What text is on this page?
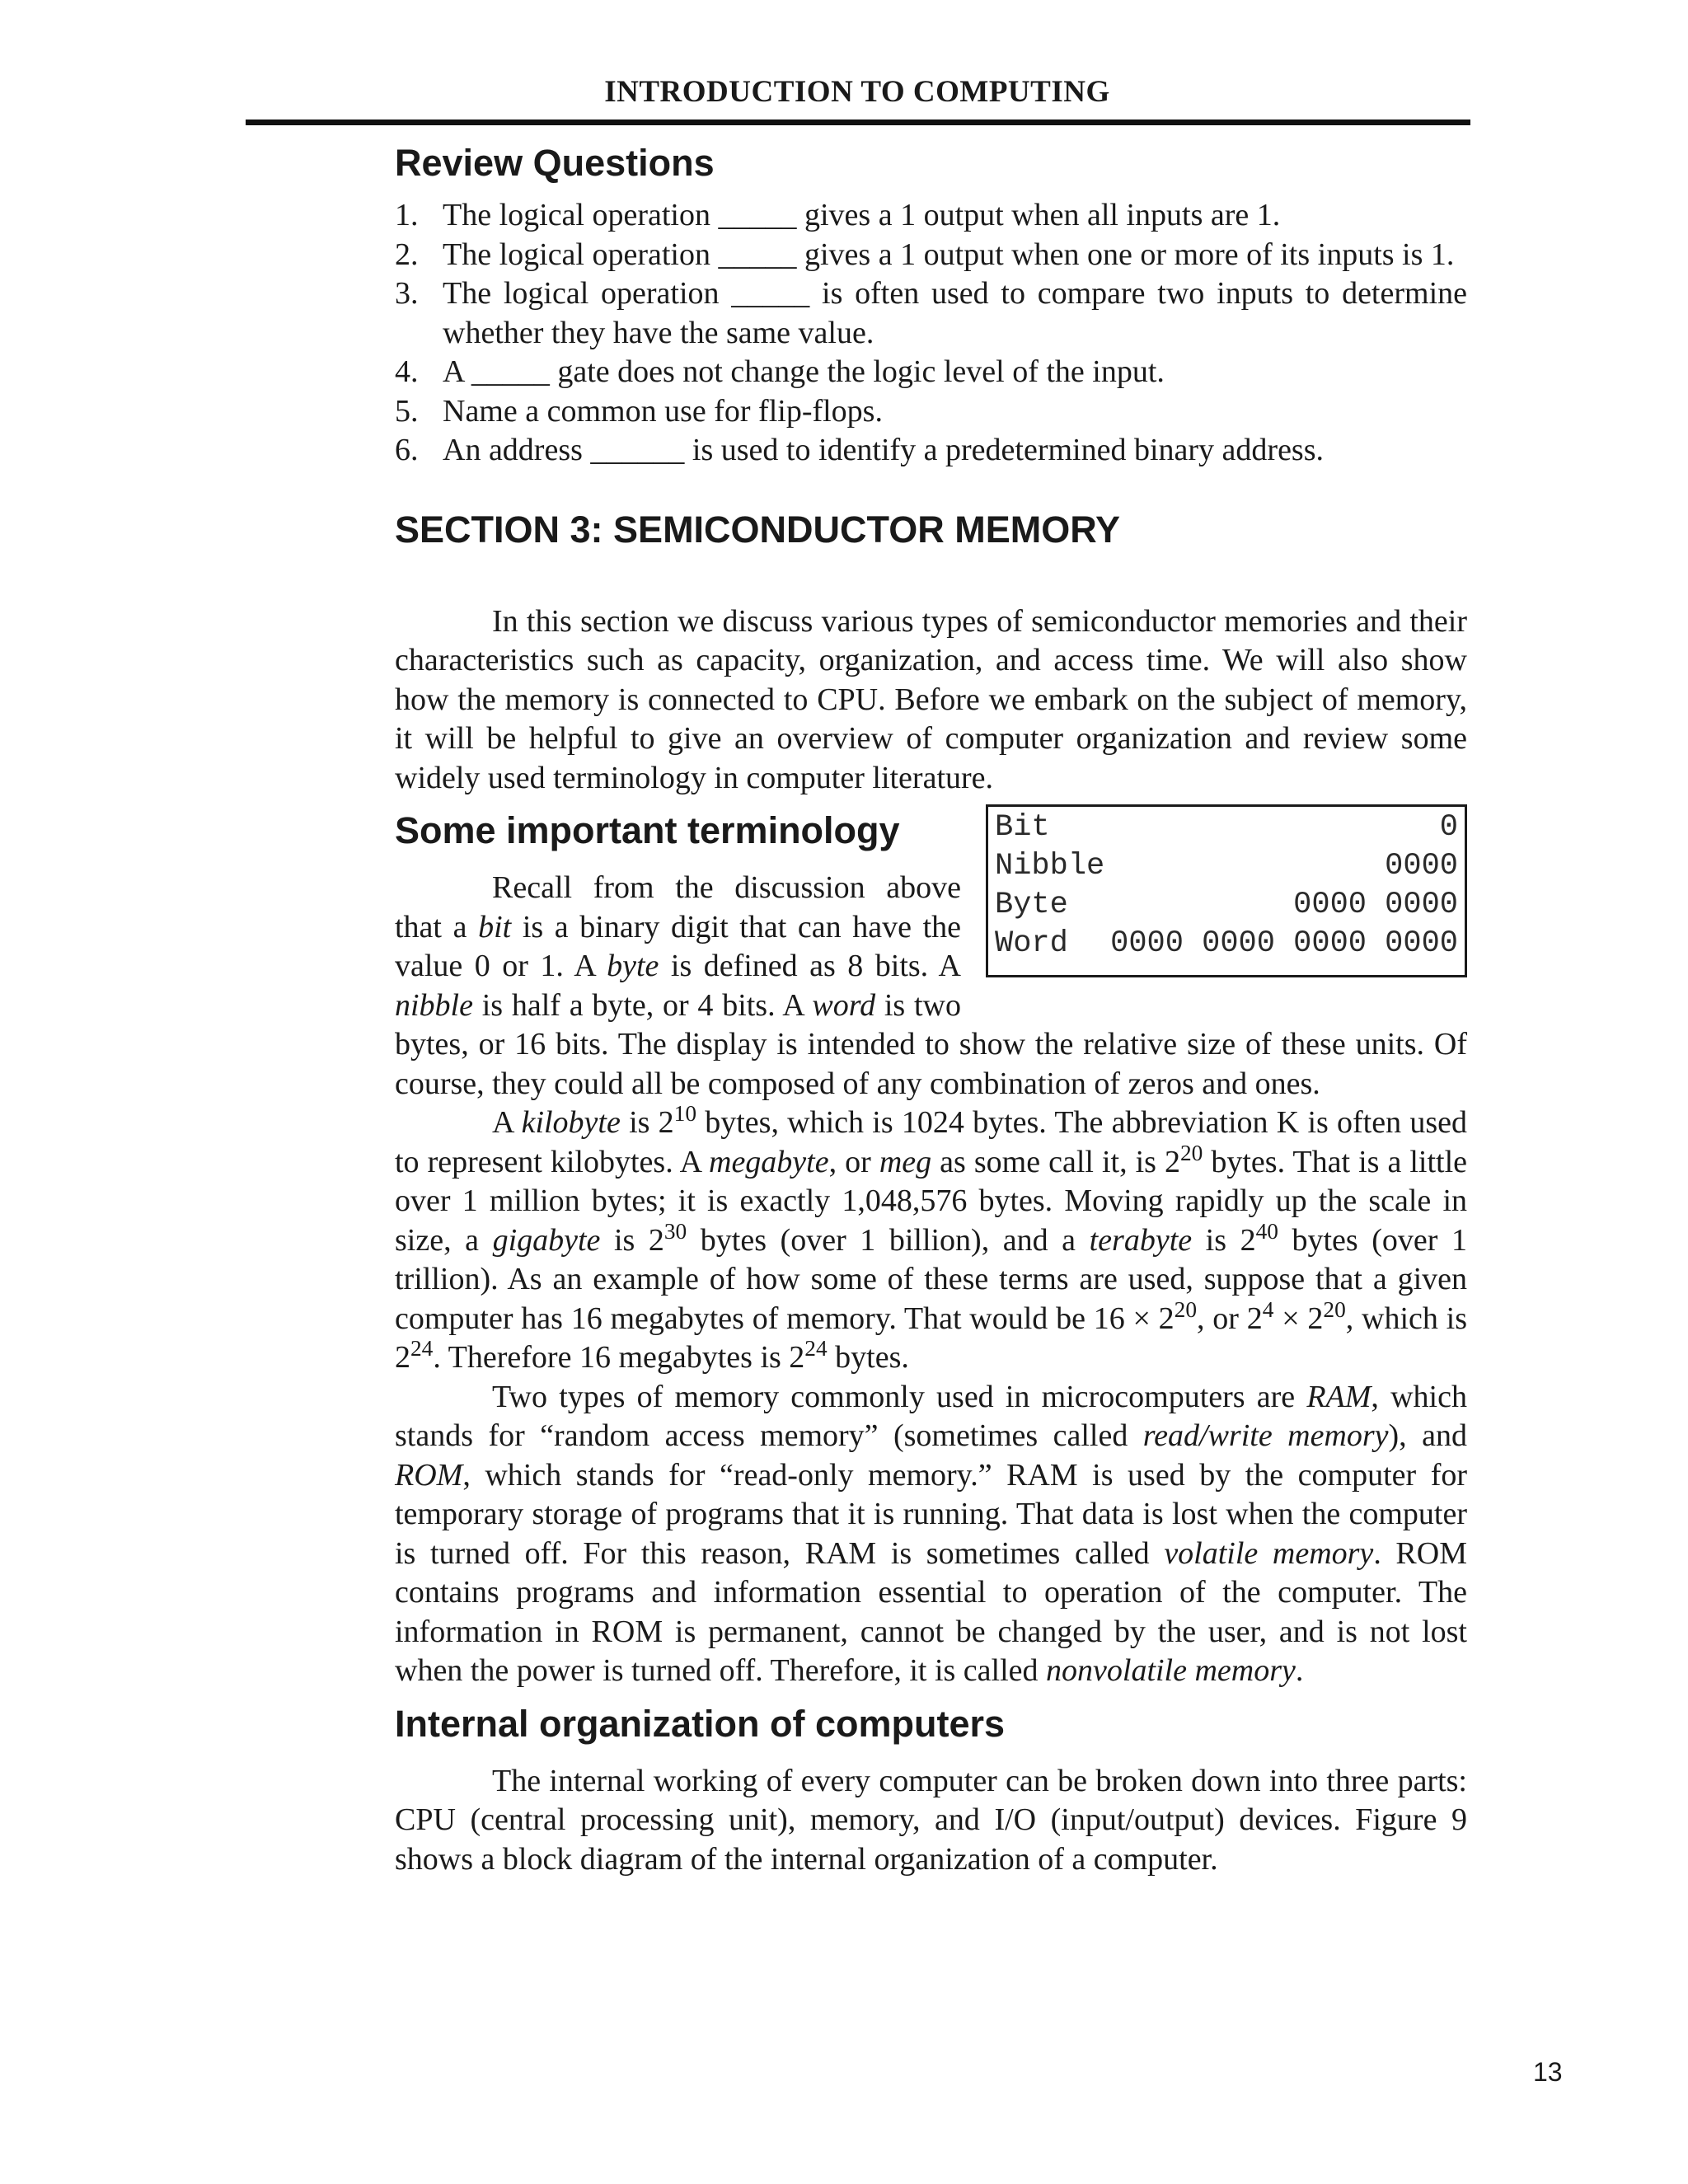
INTRODUCTION TO COMPUTING
Review Questions
1. The logical operation _____ gives a 1 output when all inputs are 1.
2. The logical operation _____ gives a 1 output when one or more of its inputs is 1.
3. The logical operation _____ is often used to compare two inputs to determine whether they have the same value.
4. A _____ gate does not change the logic level of the input.
5. Name a common use for flip-flops.
6. An address ______ is used to identify a predetermined binary address.
SECTION 3: SEMICONDUCTOR MEMORY

In this section we discuss various types of semiconductor memories and their characteristics such as capacity, organization, and access time. We will also show how the memory is connected to CPU. Before we embark on the subject of memory, it will be helpful to give an overview of computer organization and review some widely used terminology in computer literature.

Bit	0
Nibble	0000
Byte	0000 0000
Word 0000 0000 0000 0000
Some important terminology

Recall from the discussion above that a bit is a binary digit that can have the value 0 or 1. A byte is defined as 8 bits. A nibble is half a byte, or 4 bits. A word is two bytes, or 16 bits. The display is intended to show the relative size of these units. Of course, they could all be composed of any combination of zeros and ones.

A kilobyte is $2^{10}$ bytes, which is 1024 bytes. The abbreviation K is often used to represent kilobytes. A megabyte, or meg as some call it, is $2^{20}$ bytes. That is a little over 1 million bytes; it is exactly 1,048,576 bytes. Moving rapidly up the scale in size, a gigabyte is $2^{30}$ bytes (over 1 billion), and a terabyte is $2^{40}$ bytes (over 1 trillion). As an example of how some of these terms are used, suppose that a given computer has 16 megabytes of memory. That would be $16 \times 2^{20}$, or $2^4 \times 2^{20}$, which is $2^{24}$. Therefore 16 megabytes is $2^{24}$ bytes.

Two types of memory commonly used in microcomputers are RAM, which stands for “random access memory” (sometimes called read/write memory), and ROM, which stands for “read-only memory.” RAM is used by the computer for temporary storage of programs that it is running. That data is lost when the computer is turned off. For this reason, RAM is sometimes called volatile memory. ROM contains programs and information essential to operation of the computer. The information in ROM is permanent, cannot be changed by the user, and is not lost when the power is turned off. Therefore, it is called nonvolatile memory.

Internal organization of computers

The internal working of every computer can be broken down into three parts: CPU (central processing unit), memory, and I/O (input/output) devices. Figure 9 shows a block diagram of the internal organization of a computer.

13
